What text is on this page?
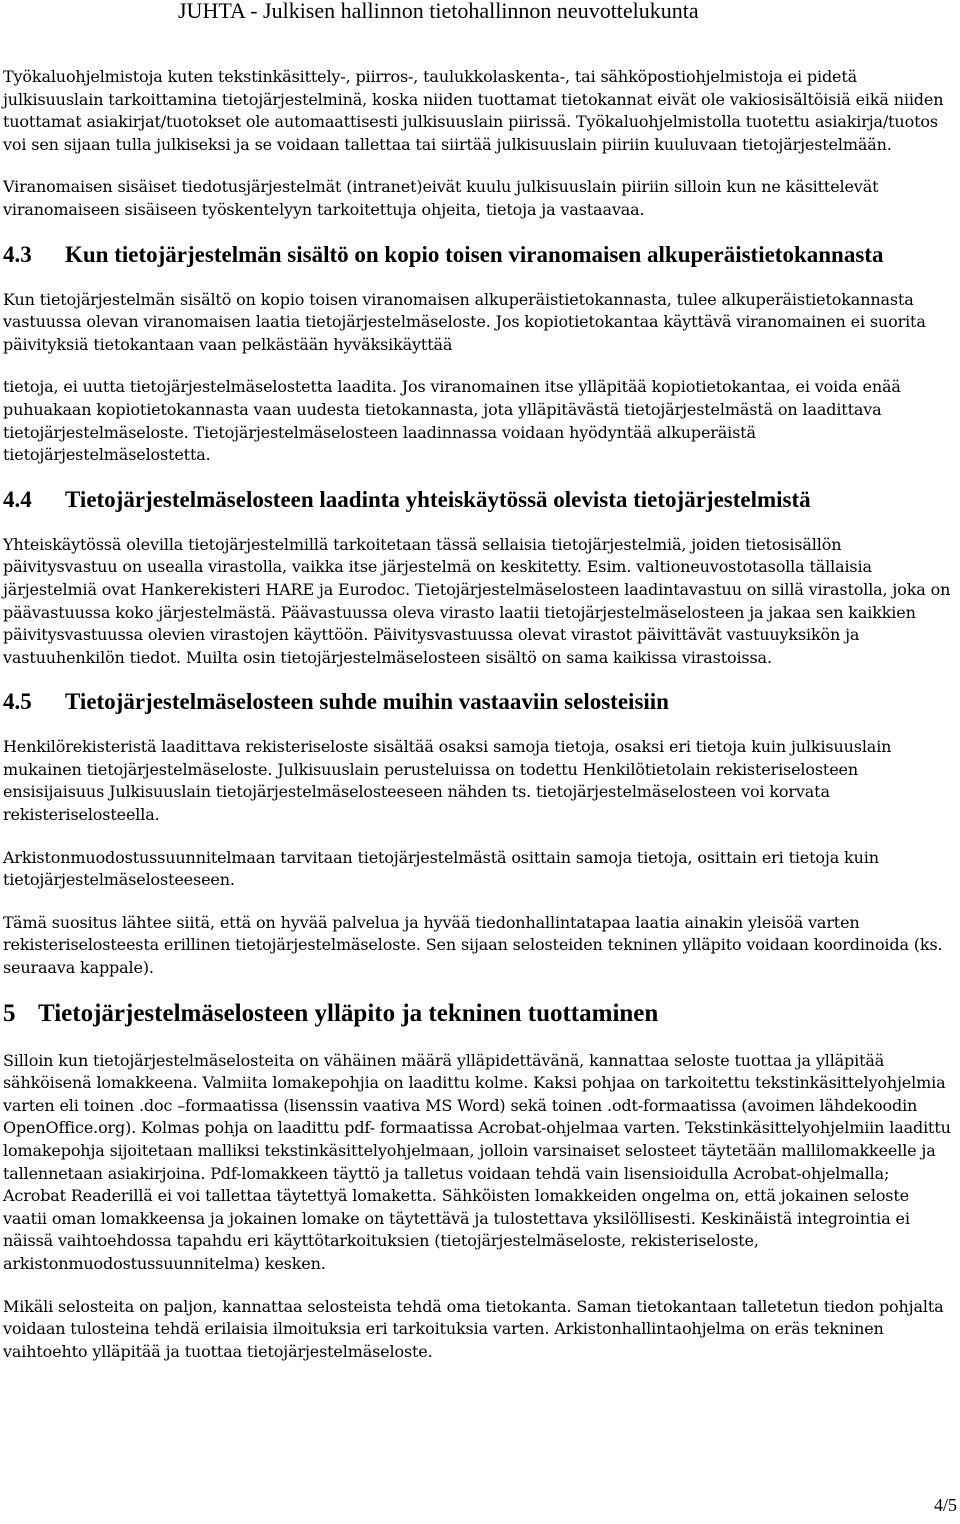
JUHTA - Julkisen hallinnon tietohallinnon neuvottelukunta

Työkaluohjelmistoja kuten tekstinkäsittely-, piirros-, taulukkolaskenta-, tai sähköpostiohjelmistoja ei pidetä julkisuuslain tarkoittamina tietojärjestelminä, koska niiden tuottamat tietokannat eivät ole vakiosisältöisiä eikä niiden tuottamat asiakirjat/tuotokset ole automaattisesti julkisuuslain piirissä. Työkaluohjelmistolla tuotettu asiakirja/tuotos voi sen sijaan tulla julkiseksi ja se voidaan tallettaa tai siirtää julkisuuslain piiriin kuuluvaan tietojärjestelmään.

Viranomaisen sisäiset tiedotusjärjestelmät (intranet)eivät kuulu julkisuuslain piiriin silloin kun ne käsittelevät viranomaiseen sisäiseen työskentelyyn tarkoitettuja ohjeita, tietoja ja vastaavaa.

4.3	Kun tietojärjestelmän sisältö on kopio toisen viranomaisen alkuperäistietokannasta

Kun tietojärjestelmän sisältö on kopio toisen viranomaisen alkuperäistietokannasta, tulee alkuperäistietokannasta vastuussa olevan viranomaisen laatia tietojärjestelmäseloste. Jos kopiotietokantaa käyttävä viranomainen ei suorita päivityksiä tietokantaan vaan pelkästään hyväksikäyttää

tietoja, ei uutta tietojärjestelmäselostetta laadita. Jos viranomainen itse ylläpitää kopiotietokantaa, ei voida enää puhuakaan kopiotietokannasta vaan uudesta tietokannasta, jota ylläpitävästä tietojärjestelmästä on laadittava tietojärjestelmäseloste. Tietojärjestelmäselosteen laadinnassa voidaan hyödyntää alkuperäistä tietojärjestelmäselostetta.

4.4	Tietojärjestelmäselosteen laadinta yhteiskäytössä olevista tietojärjestelmistä

Yhteiskäytössä olevilla tietojärjestelmillä tarkoitetaan tässä sellaisia tietojärjestelmiä, joiden tietosisällön päivitysvastuu on usealla virastolla, vaikka itse järjestelmä on keskitetty. Esim. valtioneuvostotasolla tällaisia järjestelmiä ovat Hankerekisteri HARE ja Eurodoc. Tietojärjestelmäselosteen laadintavastuu on sillä virastolla, joka on päävastuussa koko järjestelmästä. Päävastuussa oleva virasto laatii tietojärjestelmäselosteen ja jakaa sen kaikkien päivitysvastuussa olevien virastojen käyttöön. Päivitysvastuussa olevat virastot päivittävät vastuuyksikön ja vastuuhenkilön tiedot. Muilta osin tietojärjestelmäselosteen sisältö on sama kaikissa virastoissa.

4.5	Tietojärjestelmäselosteen suhde muihin vastaaviin selosteisiin

Henkilörekisteristä laadittava rekisteriseloste sisältää osaksi samoja tietoja, osaksi eri tietoja kuin julkisuuslain mukainen tietojärjestelmäseloste. Julkisuuslain perusteluissa on todettu Henkilötietolain rekisteriselosteen ensisijaisuus Julkisuuslain tietojärjestelmäselosteeseen nähden ts. tietojärjestelmäselosteen voi korvata rekisteriselosteella.

Arkistonmuodostussuunnitelmaan tarvitaan tietojärjestelmästä osittain samoja tietoja, osittain eri tietoja kuin tietojärjestelmäselosteeseen.

Tämä suositus lähtee siitä, että on hyvää palvelua ja hyvää tiedonhallintatapaa laatia ainakin yleisöä varten rekisteriselosteesta erillinen tietojärjestelmäseloste. Sen sijaan selosteiden tekninen ylläpito voidaan koordinoida (ks. seuraava kappale).

5 Tietojärjestelmäselosteen ylläpito ja tekninen tuottaminen

Silloin kun tietojärjestelmäselosteita on vähäinen määrä ylläpidettävänä, kannattaa seloste tuottaa ja ylläpitää sähköisenä lomakkeena. Valmiita lomakepohjia on laadittu kolme. Kaksi pohjaa on tarkoitettu tekstinkäsittelyohjelmia varten eli toinen .doc –formaatissa (lisenssin vaativa MS Word) sekä toinen .odt-formaatissa (avoimen lähdekoodin OpenOffice.org). Kolmas pohja on laadittu pdf- formaatissa Acrobat-ohjelmaa varten. Tekstinkäsittelyohjelmiin laadittu lomakepohja sijoitetaan malliksi tekstinkäsittelyohjelmaan, jolloin varsinaiset selosteet täytetään mallilomakkeelle ja tallennetaan asiakirjoina. Pdf-lomakkeen täyttö ja talletus voidaan tehdä vain lisensioidulla Acrobat-ohjelmalla; Acrobat Readerillä ei voi tallettaa täytettyä lomaketta. Sähköisten lomakkeiden ongelma on, että jokainen seloste vaatii oman lomakkeensa ja jokainen lomake on täytettävä ja tulostettava yksilöllisesti. Keskinäistä integrointia ei näissä vaihtoehdossa tapahdu eri käyttötarkoituksien (tietojärjestelmäseloste, rekisteriseloste, arkistonmuodostussuunnitelma) kesken.

Mikäli selosteita on paljon, kannattaa selosteista tehdä oma tietokanta. Saman tietokantaan talletetun tiedon pohjalta voidaan tulosteina tehdä erilaisia ilmoituksia eri tarkoituksia varten. Arkistonhallintaohjelma on eräs tekninen vaihtoehto ylläpitää ja tuottaa tietojärjestelmäseloste.

4/5
